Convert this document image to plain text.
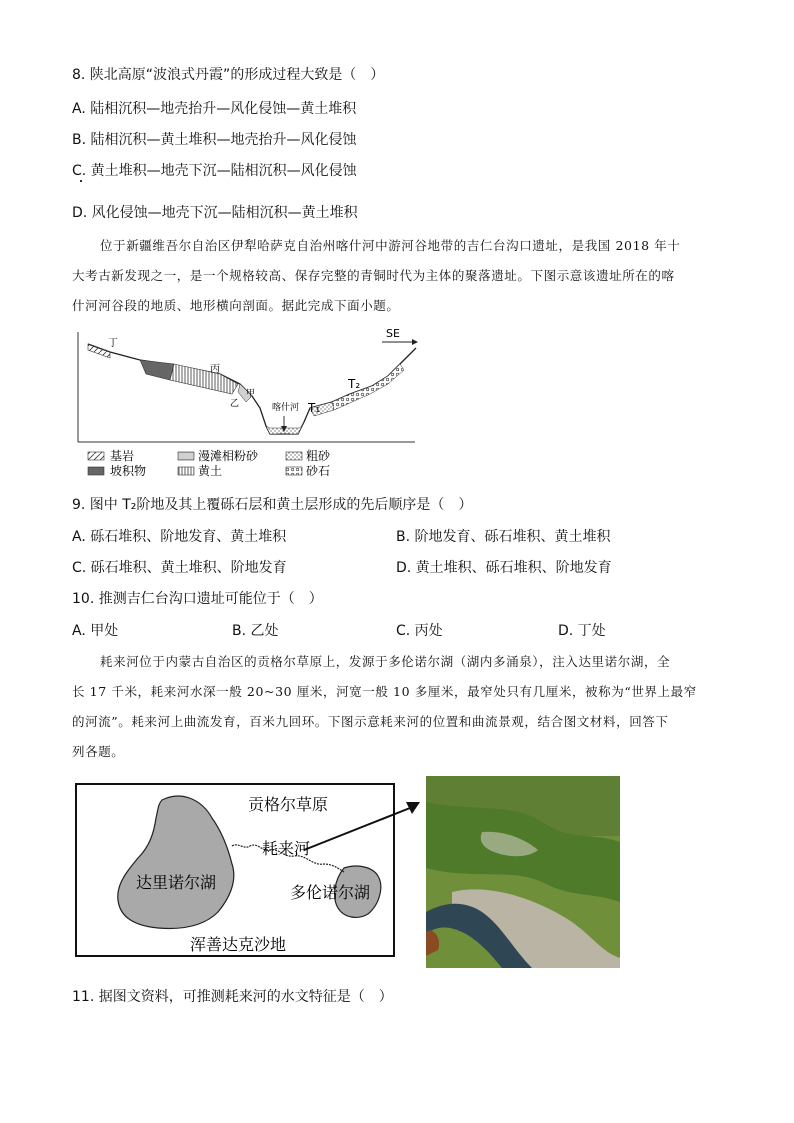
8. 陕北高原“波浪式丹霞”的形成过程大致是（　）
A. 陆相沉积—地壳抬升—风化侵蚀—黄土堆积
B. 陆相沉积—黄土堆积—地壳抬升—风化侵蚀
C. 黄土堆积—地壳下沉—陆相沉积—风化侵蚀
D. 风化侵蚀—地壳下沉—陆相沉积—黄土堆积
位于新疆维吾尔自治区伊犁哈萨克自治州喀什河中游河谷地带的吉仁台沟口遗址，是我国 2018 年十
大考古新发现之一，是一个规格较高、保存完整的青铜时代为主体的聚落遗址。下图示意该遗址所在的喀
什河河谷段的地质、地形横向剖面。据此完成下面小题。
SE
丁
丙
甲
乙	喀什河 T₁
T₂
基岩	漫滩相粉砂	粗砂
坡积物	黄土	砂石
9. 图中 T₂阶地及其上覆砾石层和黄土层形成的先后顺序是（　）
A. 砾石堆积、阶地发育、黄土堆积	B. 阶地发育、砾石堆积、黄土堆积
C. 砾石堆积、黄土堆积、阶地发育	D. 黄土堆积、砾石堆积、阶地发育
10. 推测吉仁台沟口遗址可能位于（　）
A. 甲处	B. 乙处	C. 丙处	D. 丁处
耗来河位于内蒙古自治区的贡格尔草原上，发源于多伦诺尔湖（湖内多涌泉），注入达里诺尔湖，全
长 17 千米，耗来河水深一般 20~30 厘米，河宽一般 10 多厘米，最窄处只有几厘米，被称为“世界上最窄
的河流”。耗来河上曲流发育，百米九回环。下图示意耗来河的位置和曲流景观，结合图文材料，回答下
列各题。
贡格尔草原
耗来河
达里诺尔湖
多伦诺尔湖
浑善达克沙地
11. 据图文资料，可推测耗来河的水文特征是（　）
